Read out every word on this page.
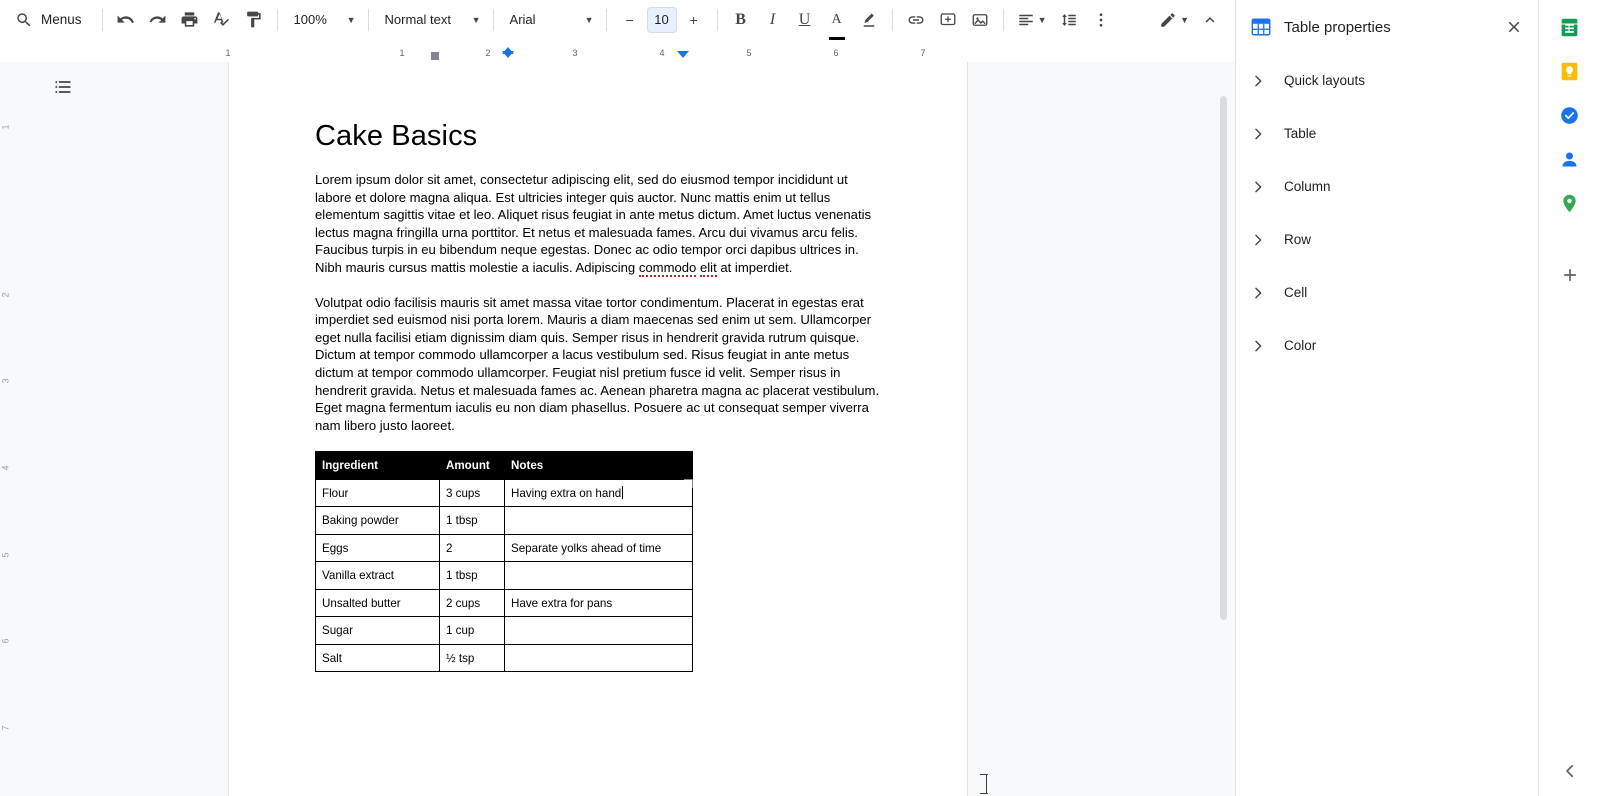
Menus	100% ▼ Normal text ▼ Arial	▼	−	10	+	B	I	U	A	▼	▼
1	1	2	3	4	5	6	7
1
2
3
4
5
6
7
Cake Basics

Lorem ipsum dolor sit amet, consectetur adipiscing elit, sed do eiusmod tempor incididunt ut labore et dolore magna aliqua. Est ultricies integer quis auctor. Nunc mattis enim ut tellus elementum sagittis vitae et leo. Aliquet risus feugiat in ante metus dictum. Amet luctus venenatis lectus magna fringilla urna porttitor. Et netus et malesuada fames. Arcu dui vivamus arcu felis. Faucibus turpis in eu bibendum neque egestas. Donec ac odio tempor orci dapibus ultrices in. Nibh mauris cursus mattis molestie a iaculis. Adipiscing commodo elit at imperdiet.

Volutpat odio facilisis mauris sit amet massa vitae tortor condimentum. Placerat in egestas erat imperdiet sed euismod nisi porta lorem. Mauris a diam maecenas sed enim ut sem. Ullamcorper eget nulla facilisi etiam dignissim diam quis. Semper risus in hendrerit gravida rutrum quisque. Dictum at tempor commodo ullamcorper a lacus vestibulum sed. Risus feugiat in ante metus dictum at tempor commodo ullamcorper. Feugiat nisl pretium fusce id velit. Semper risus in hendrerit gravida. Netus et malesuada fames ac. Aenean pharetra magna ac placerat vestibulum. Eget magna fermentum iaculis eu non diam phasellus. Posuere ac ut consequat semper viverra nam libero justo laoreet.

Ingredient	Amount	Notes
Flour	3 cups	Having extra on hand

Baking powder	1 tbsp	
Eggs	2	Separate yolks ahead of time
Vanilla extract	1 tbsp	
Unsalted butter	2 cups	Have extra for pans
Sugar	1 cup	
Salt	½ tsp	
Table properties
Quick layouts
Table
Column
Row
Cell
Color
